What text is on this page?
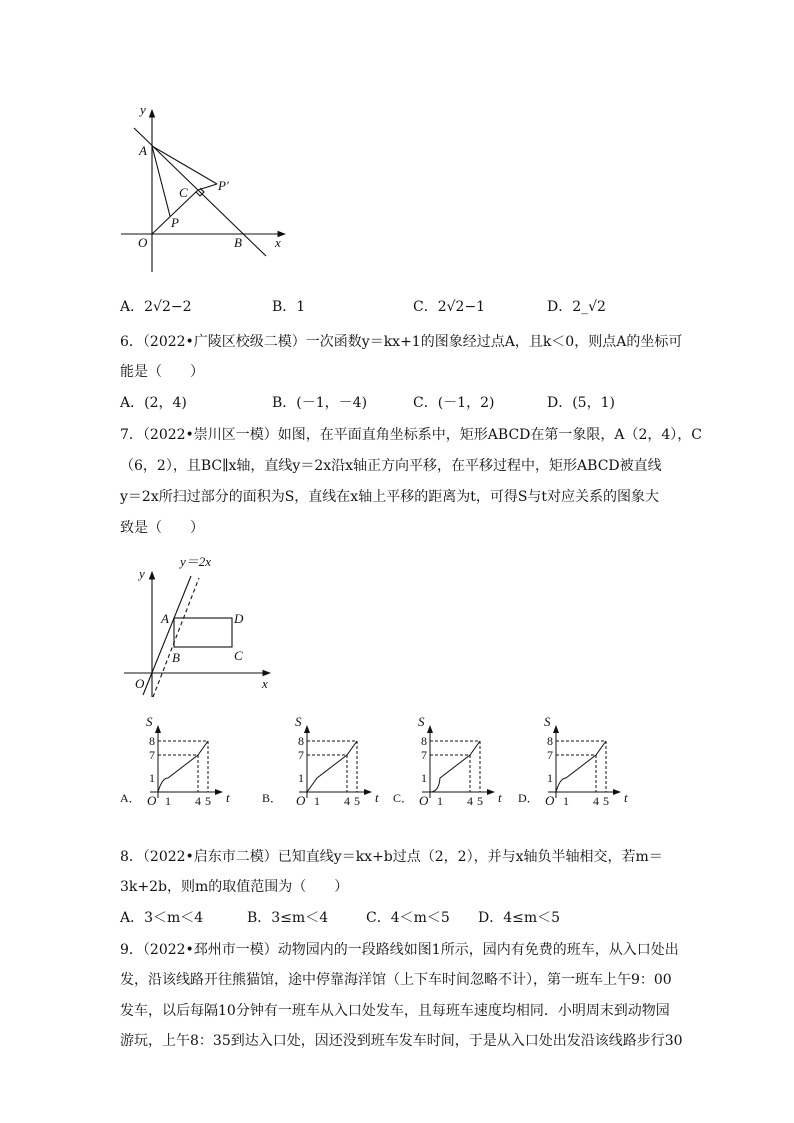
y
x
A
P′
C
P
O	B
A．2√2−2	B．1	C．2√2−1	D．2_√2
6．（2022•广陵区校级二模）一次函数y＝kx+1的图象经过点A，且k＜0，则点A的坐标可
能是（　　）
A．(2，4)	B．(－1，－4)	C．(－1，2)	D．(5，1)
7．（2022•崇川区一模）如图，在平面直角坐标系中，矩形ABCD在第一象限，A（2，4），C
（6，2），且BC∥x轴，直线y＝2x沿x轴正方向平移，在平移过程中，矩形ABCD被直线
y＝2x所扫过部分的面积为S，直线在x轴上平移的距离为t，可得S与t对应关系的图象大
致是（　　）
y＝2x
y
x
O
A
B	C
D
A．
S
t
O 1 4 5
1
7
8
B．
S
t
O 1 4 5
1
7
8
C．
S
t
O 1 4 5
1
7
8
D．
S
t
O 1 4 5
1
7
8
8．（2022•启东市二模）已知直线y＝kx+b过点（2，2），并与x轴负半轴相交，若m＝
3k+2b，则m的取值范围为（　　）
A．3＜m＜4	B．3≤m＜4	C．4＜m＜5 D．4≤m＜5
9．（2022•邳州市一模）动物园内的一段路线如图1所示，园内有免费的班车，从入口处出
发，沿该线路开往熊猫馆，途中停靠海洋馆（上下车时间忽略不计），第一班车上午9：00
发车，以后每隔10分钟有一班车从入口处发车，且每班车速度均相同．小明周末到动物园
游玩，上午8：35到达入口处，因还没到班车发车时间，于是从入口处出发沿该线路步行30
